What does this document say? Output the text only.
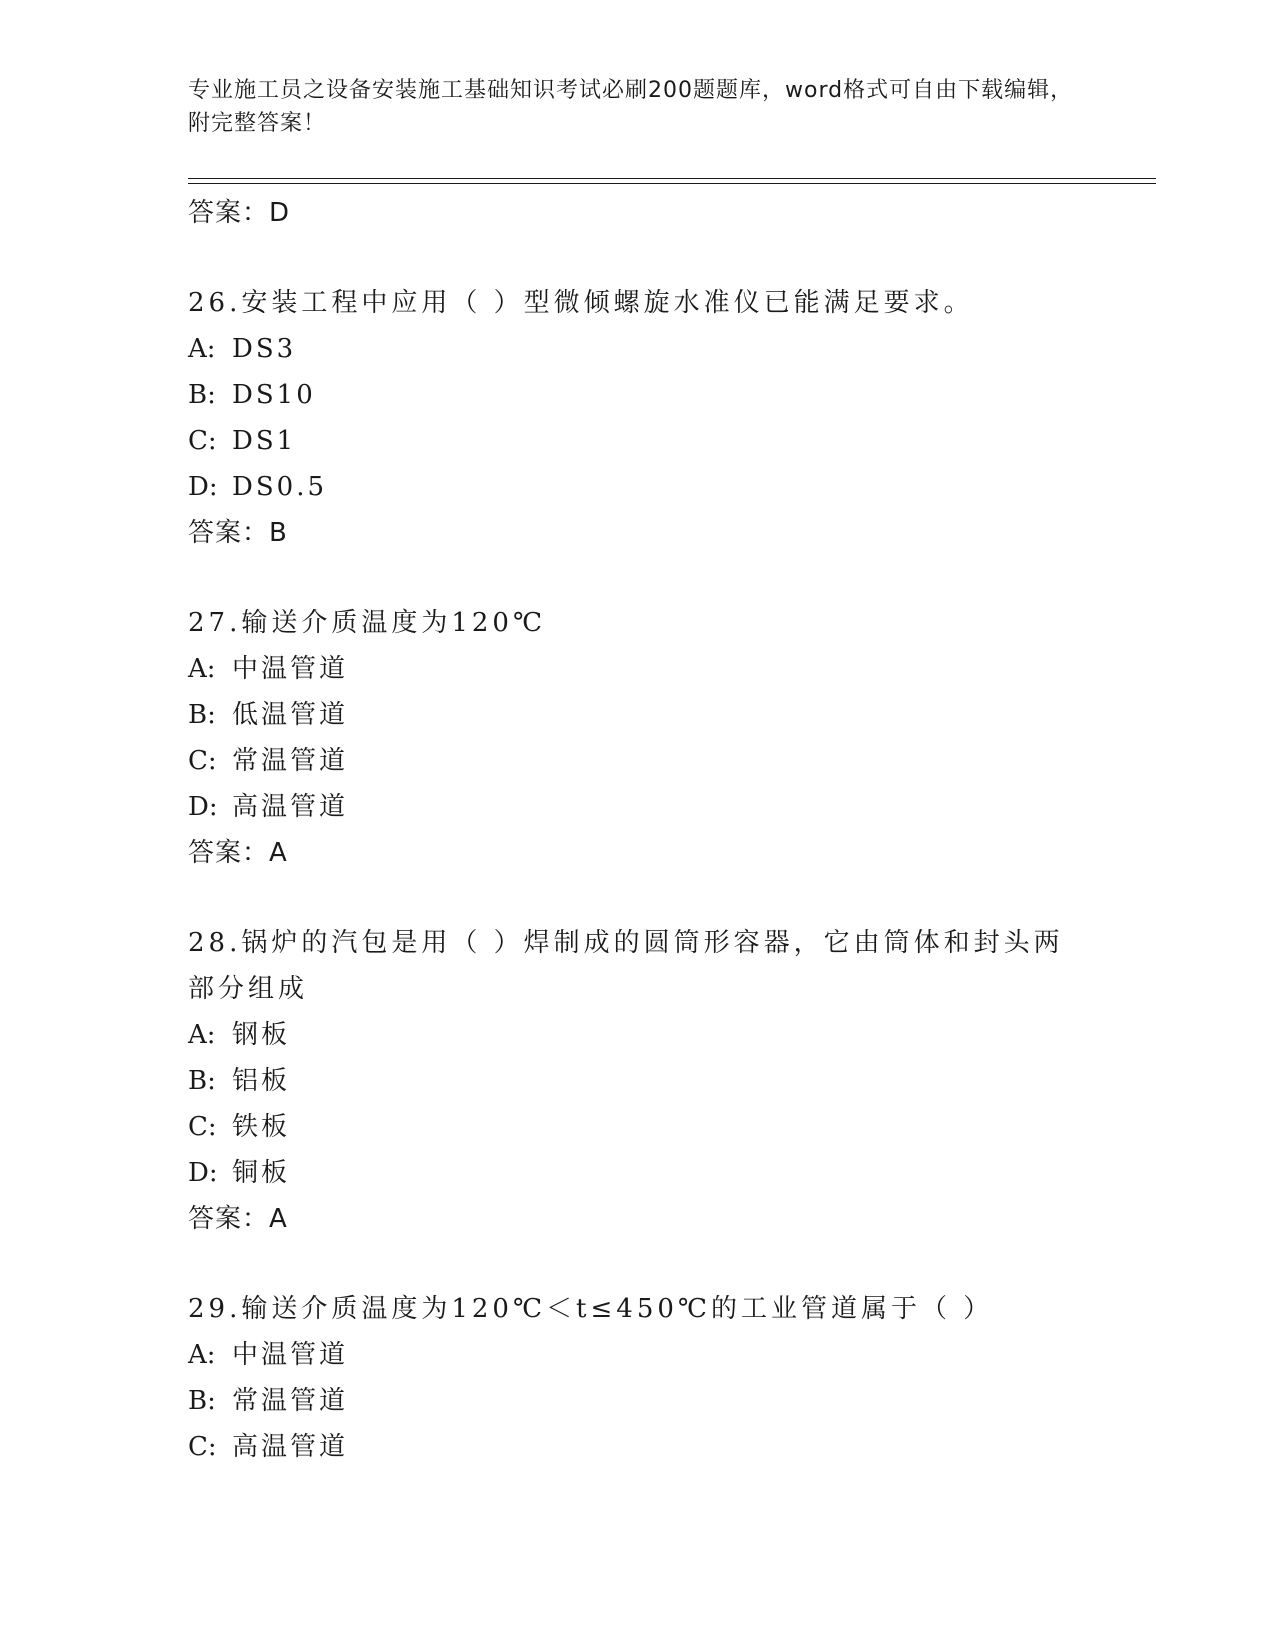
专业施工员之设备安装施工基础知识考试必刷200题题库，word格式可自由下载编辑，附完整答案！
答案：D
26.安装工程中应用（ ）型微倾螺旋水准仪已能满足要求。
A: DS3
B: DS10
C: DS1
D: DS0.5
答案：B
27.输送介质温度为120℃
A: 中温管道
B: 低温管道
C: 常温管道
D: 高温管道
答案：A
28.锅炉的汽包是用（ ）焊制成的圆筒形容器，它由筒体和封头两部分组成
A: 钢板
B: 铝板
C: 铁板
D: 铜板
答案：A
29.输送介质温度为120℃＜t≤450℃的工业管道属于（ ）
A: 中温管道
B: 常温管道
C: 高温管道
